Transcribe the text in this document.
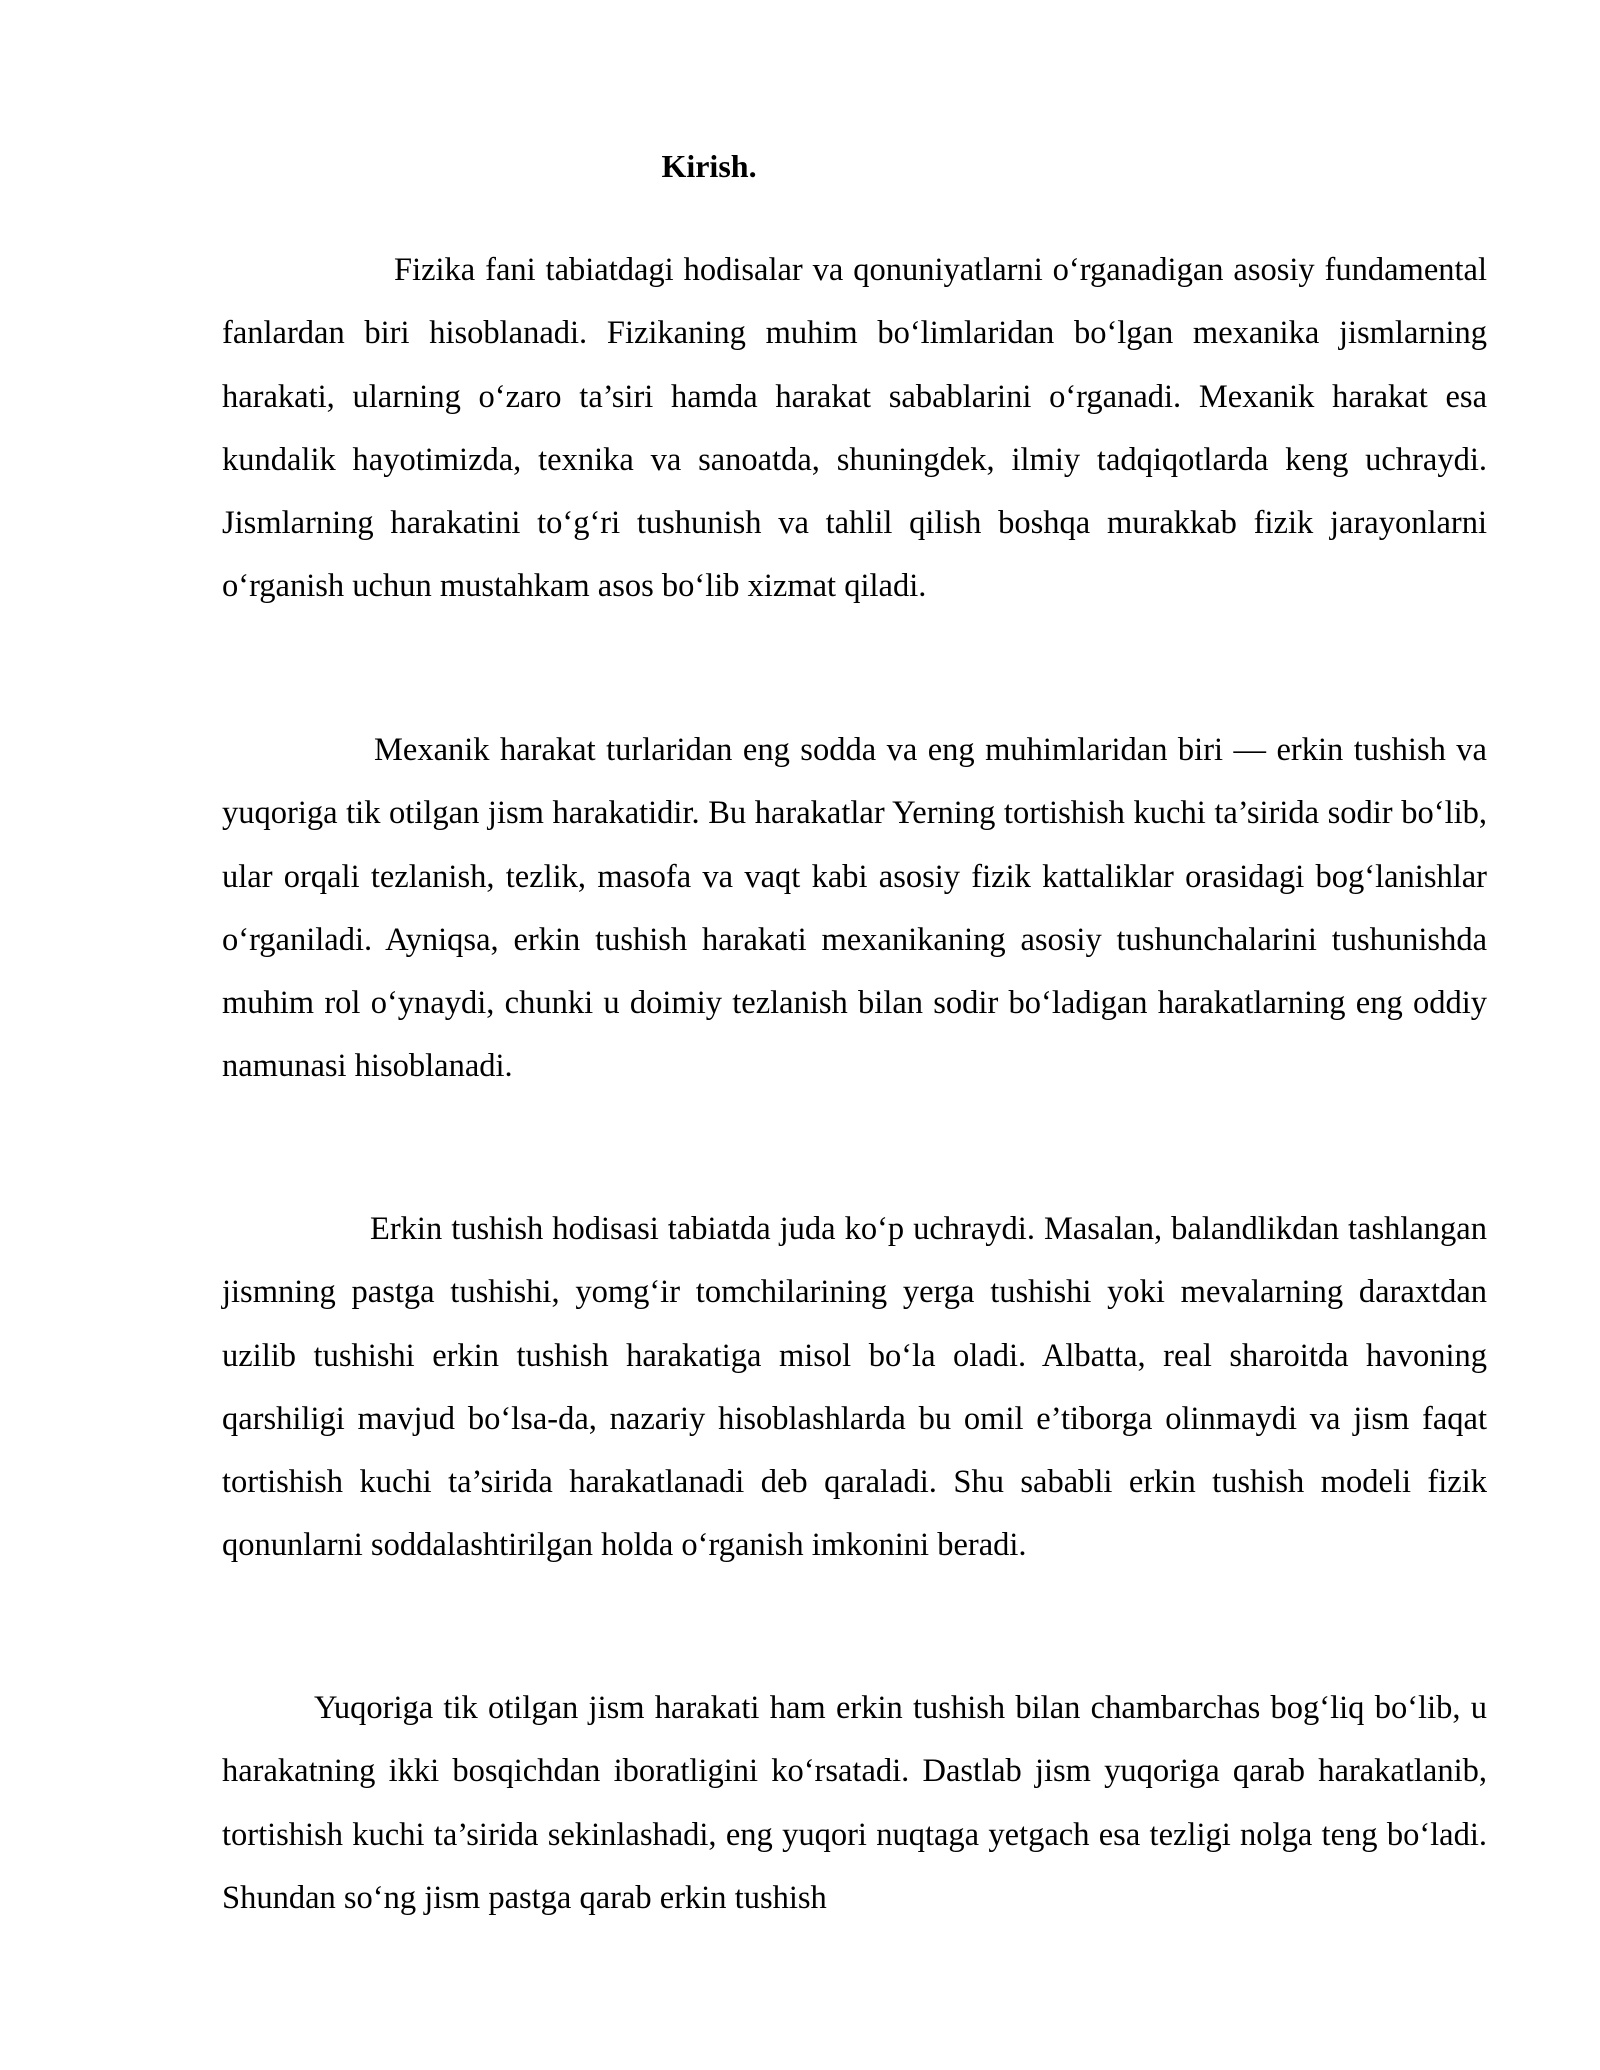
Kirish.

Fizika fani tabiatdagi hodisalar va qonuniyatlarni o‘rganadigan asosiy fundamental fanlardan biri hisoblanadi. Fizikaning muhim bo‘limlaridan bo‘lgan mexanika jismlarning harakati, ularning o‘zaro ta’siri hamda harakat sabablarini o‘rganadi. Mexanik harakat esa kundalik hayotimizda, texnika va sanoatda, shuningdek, ilmiy tadqiqotlarda keng uchraydi. Jismlarning harakatini to‘g‘ri tushunish va tahlil qilish boshqa murakkab fizik jarayonlarni o‘rganish uchun mustahkam asos bo‘lib xizmat qiladi.

Mexanik harakat turlaridan eng sodda va eng muhimlaridan biri — erkin tushish va yuqoriga tik otilgan jism harakatidir. Bu harakatlar Yerning tortishish kuchi ta’sirida sodir bo‘lib, ular orqali tezlanish, tezlik, masofa va vaqt kabi asosiy fizik kattaliklar orasidagi bog‘lanishlar o‘rganiladi. Ayniqsa, erkin tushish harakati mexanikaning asosiy tushunchalarini tushunishda muhim rol o‘ynaydi, chunki u doimiy tezlanish bilan sodir bo‘ladigan harakatlarning eng oddiy namunasi hisoblanadi.

Erkin tushish hodisasi tabiatda juda ko‘p uchraydi. Masalan, balandlikdan tashlangan jismning pastga tushishi, yomg‘ir tomchilarining yerga tushishi yoki mevalarning daraxtdan uzilib tushishi erkin tushish harakatiga misol bo‘la oladi. Albatta, real sharoitda havoning qarshiligi mavjud bo‘lsa-da, nazariy hisoblashlarda bu omil e’tiborga olinmaydi va jism faqat tortishish kuchi ta’sirida harakatlanadi deb qaraladi. Shu sababli erkin tushish modeli fizik qonunlarni soddalashtirilgan holda o‘rganish imkonini beradi.

Yuqoriga tik otilgan jism harakati ham erkin tushish bilan chambarchas bog‘liq bo‘lib, u harakatning ikki bosqichdan iboratligini ko‘rsatadi. Dastlab jism yuqoriga qarab harakatlanib, tortishish kuchi ta’sirida sekinlashadi, eng yuqori nuqtaga yetgach esa tezligi nolga teng bo‘ladi. Shundan so‘ng jism pastga qarab erkin tushish
